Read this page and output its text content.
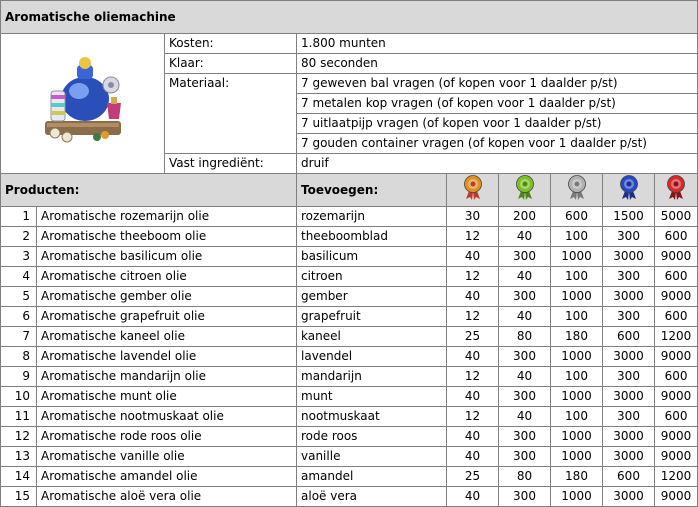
Aromatische oliemachine								
	Kosten:	1.800 munten					
		Klaar:	80 seconden					
		Materiaal:	7 geweven bal vragen (of kopen voor 1 daalder p/st)					
			7 metalen kop vragen (of kopen voor 1 daalder p/st)					
			7 uitlaatpijp vragen (of kopen voor 1 daalder p/st)					
			7 gouden container vragen (of kopen voor 1 daalder p/st)					
		Vast ingrediënt:	druif					
Producten:			Toevoegen:					
1	Aromatische rozemarijn olie		rozemarijn	30	200	600	1500	5000
2	Aromatische theeboom olie		theeboomblad	12	40	100	300	600
3	Aromatische basilicum olie		basilicum	40	300	1000	3000	9000
4	Aromatische citroen olie		citroen	12	40	100	300	600
5	Aromatische gember olie		gember	40	300	1000	3000	9000
6	Aromatische grapefruit olie		grapefruit	12	40	100	300	600
7	Aromatische kaneel olie		kaneel	25	80	180	600	1200
8	Aromatische lavendel olie		lavendel	40	300	1000	3000	9000
9	Aromatische mandarijn olie		mandarijn	12	40	100	300	600
10	Aromatische munt olie		munt	40	300	1000	3000	9000
11	Aromatische nootmuskaat olie		nootmuskaat	12	40	100	300	600
12	Aromatische rode roos olie		rode roos	40	300	1000	3000	9000
13	Aromatische vanille olie		vanille	40	300	1000	3000	9000
14	Aromatische amandel olie		amandel	25	80	180	600	1200
15	Aromatische aloë vera olie		aloë vera	40	300	1000	3000	9000
